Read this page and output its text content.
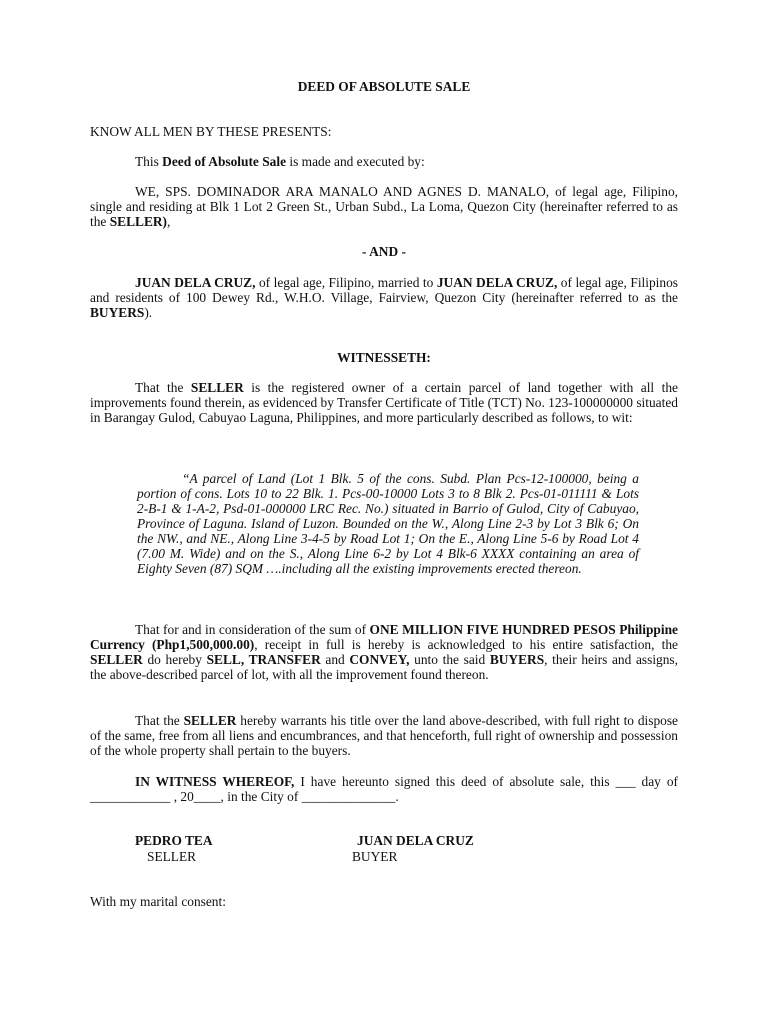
DEED OF ABSOLUTE SALE

KNOW ALL MEN BY THESE PRESENTS:

This Deed of Absolute Sale is made and executed by:

WE, SPS. DOMINADOR ARA MANALO AND AGNES D. MANALO, of legal age, Filipino, single and residing at Blk 1 Lot 2 Green St., Urban Subd., La Loma, Quezon City (hereinafter referred to as the SELLER),

- AND -

JUAN DELA CRUZ, of legal age, Filipino, married to JUAN DELA CRUZ, of legal age, Filipinos and residents of 100 Dewey Rd., W.H.O. Village, Fairview, Quezon City (hereinafter referred to as the BUYERS).

WITNESSETH:

That the SELLER is the registered owner of a certain parcel of land together with all the improvements found therein, as evidenced by Transfer Certificate of Title (TCT) No. 123-100000000 situated in Barangay Gulod, Cabuyao Laguna, Philippines, and more particularly described as follows, to wit:

“A parcel of Land (Lot 1 Blk. 5 of the cons. Subd. Plan Pcs-12-100000, being a portion of cons. Lots 10 to 22 Blk. 1. Pcs-00-10000 Lots 3 to 8 Blk 2. Pcs-01-011111 & Lots 2-B-1 & 1-A-2, Psd-01-000000 LRC Rec. No.) situated in Barrio of Gulod, City of Cabuyao, Province of Laguna. Island of Luzon. Bounded on the W., Along Line 2-3 by Lot 3 Blk 6; On the NW., and NE., Along Line 3-4-5 by Road Lot 1; On the E., Along Line 5-6 by Road Lot 4 (7.00 M. Wide) and on the S., Along Line 6-2 by Lot 4 Blk-6 XXXX containing an area of Eighty Seven (87) SQM ….including all the existing improvements erected thereon.

That for and in consideration of the sum of ONE MILLION FIVE HUNDRED PESOS Philippine Currency (Php1,500,000.00), receipt in full is hereby is acknowledged to his entire satisfaction, the SELLER do hereby SELL, TRANSFER and CONVEY, unto the said BUYERS, their heirs and assigns, the above-described parcel of lot, with all the improvement found thereon.

That the SELLER hereby warrants his title over the land above-described, with full right to dispose of the same, free from all liens and encumbrances, and that henceforth, full right of ownership and possession of the whole property shall pertain to the buyers.

IN WITNESS WHEREOF, I have hereunto signed this deed of absolute sale, this ___ day of ____________ , 20____, in the City of ______________.

PEDRO TEA
SELLER
JUAN DELA CRUZ
BUYER

With my marital consent:
